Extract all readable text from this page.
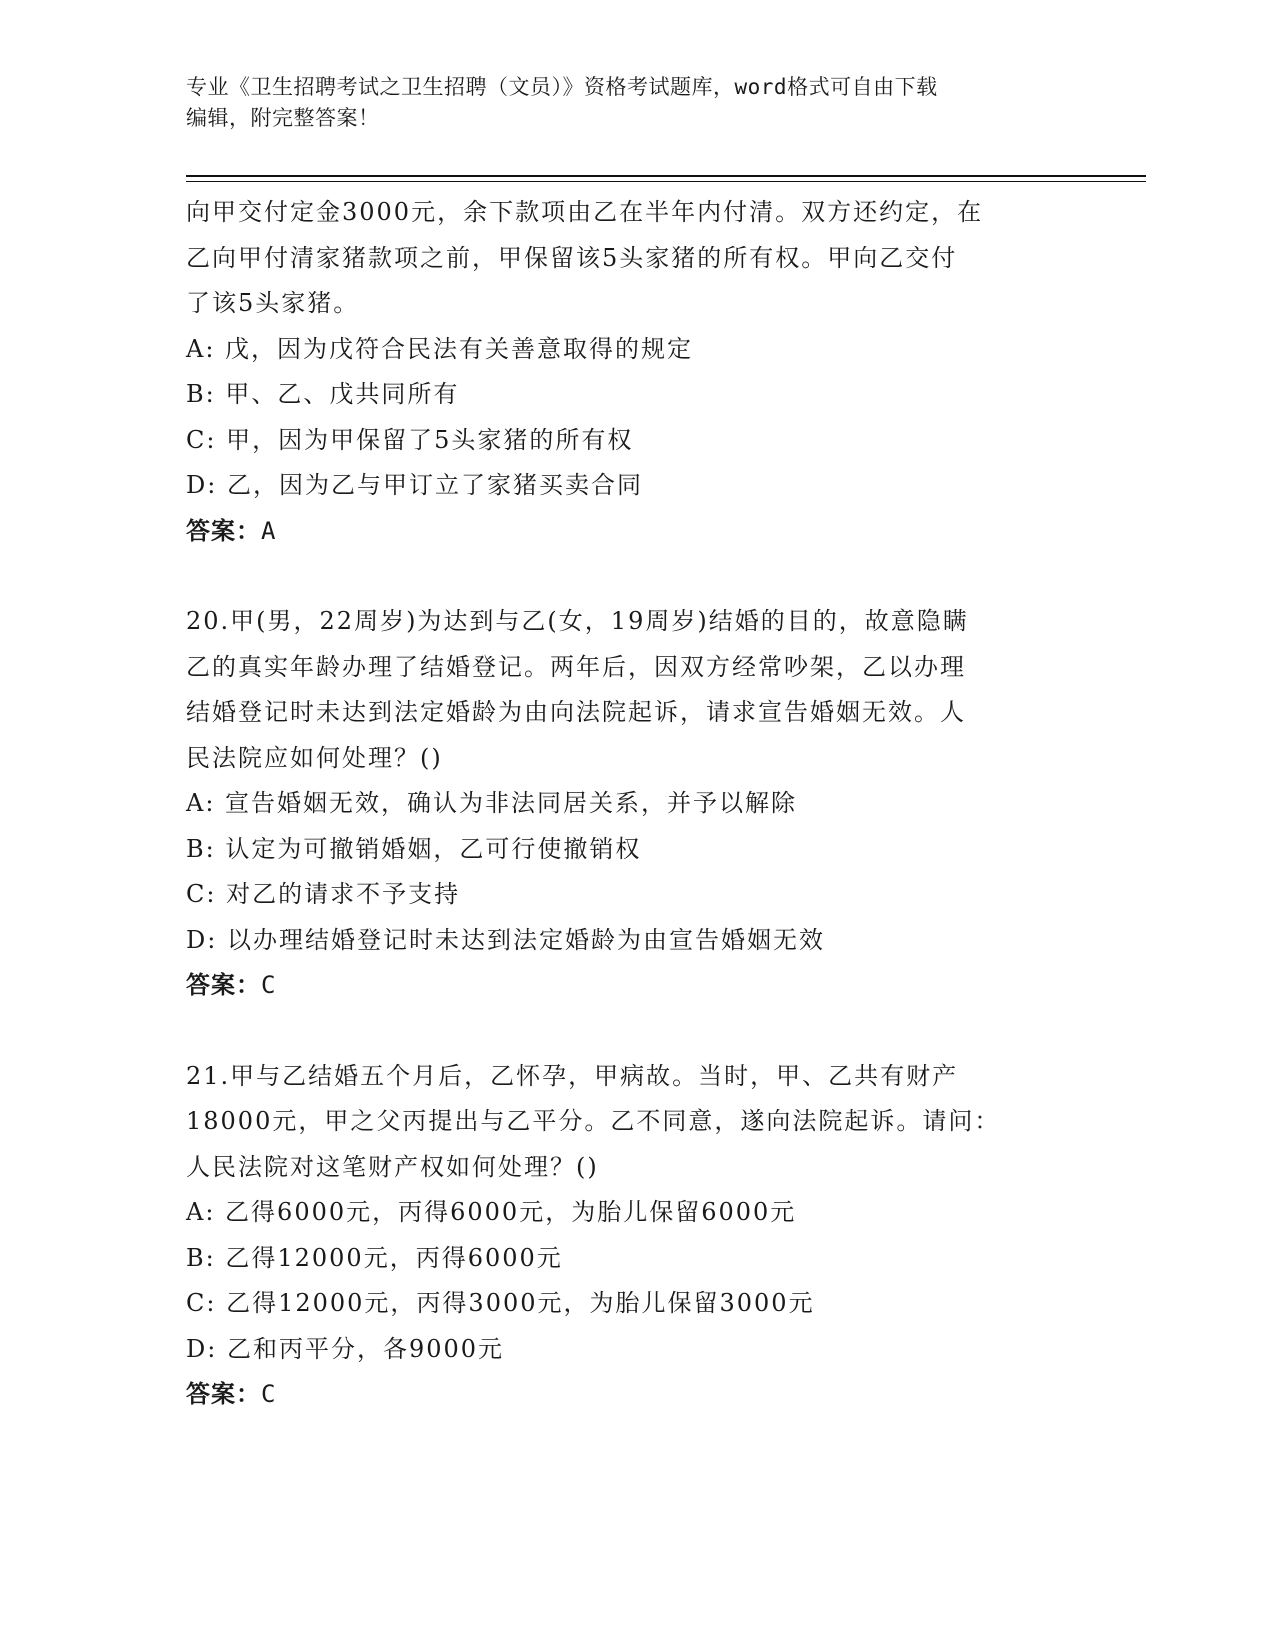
专业《卫生招聘考试之卫生招聘（文员）》资格考试题库，word格式可自由下载
编辑，附完整答案！
向甲交付定金3000元，余下款项由乙在半年内付清。双方还约定，在
乙向甲付清家猪款项之前，甲保留该5头家猪的所有权。甲向乙交付
了该5头家猪。
A: 戊，因为戊符合民法有关善意取得的规定
B: 甲、乙、戊共同所有
C: 甲，因为甲保留了5头家猪的所有权
D: 乙，因为乙与甲订立了家猪买卖合同
答案：A
20.甲(男，22周岁)为达到与乙(女，19周岁)结婚的目的，故意隐瞒
乙的真实年龄办理了结婚登记。两年后，因双方经常吵架，乙以办理
结婚登记时未达到法定婚龄为由向法院起诉，请求宣告婚姻无效。人
民法院应如何处理？()
A: 宣告婚姻无效，确认为非法同居关系，并予以解除
B: 认定为可撤销婚姻，乙可行使撤销权
C: 对乙的请求不予支持
D: 以办理结婚登记时未达到法定婚龄为由宣告婚姻无效
答案：C
21.甲与乙结婚五个月后，乙怀孕，甲病故。当时，甲、乙共有财产
18000元，甲之父丙提出与乙平分。乙不同意，遂向法院起诉。请问：
人民法院对这笔财产权如何处理？()
A: 乙得6000元，丙得6000元，为胎儿保留6000元
B: 乙得12000元，丙得6000元
C: 乙得12000元，丙得3000元，为胎儿保留3000元
D: 乙和丙平分，各9000元
答案：C
